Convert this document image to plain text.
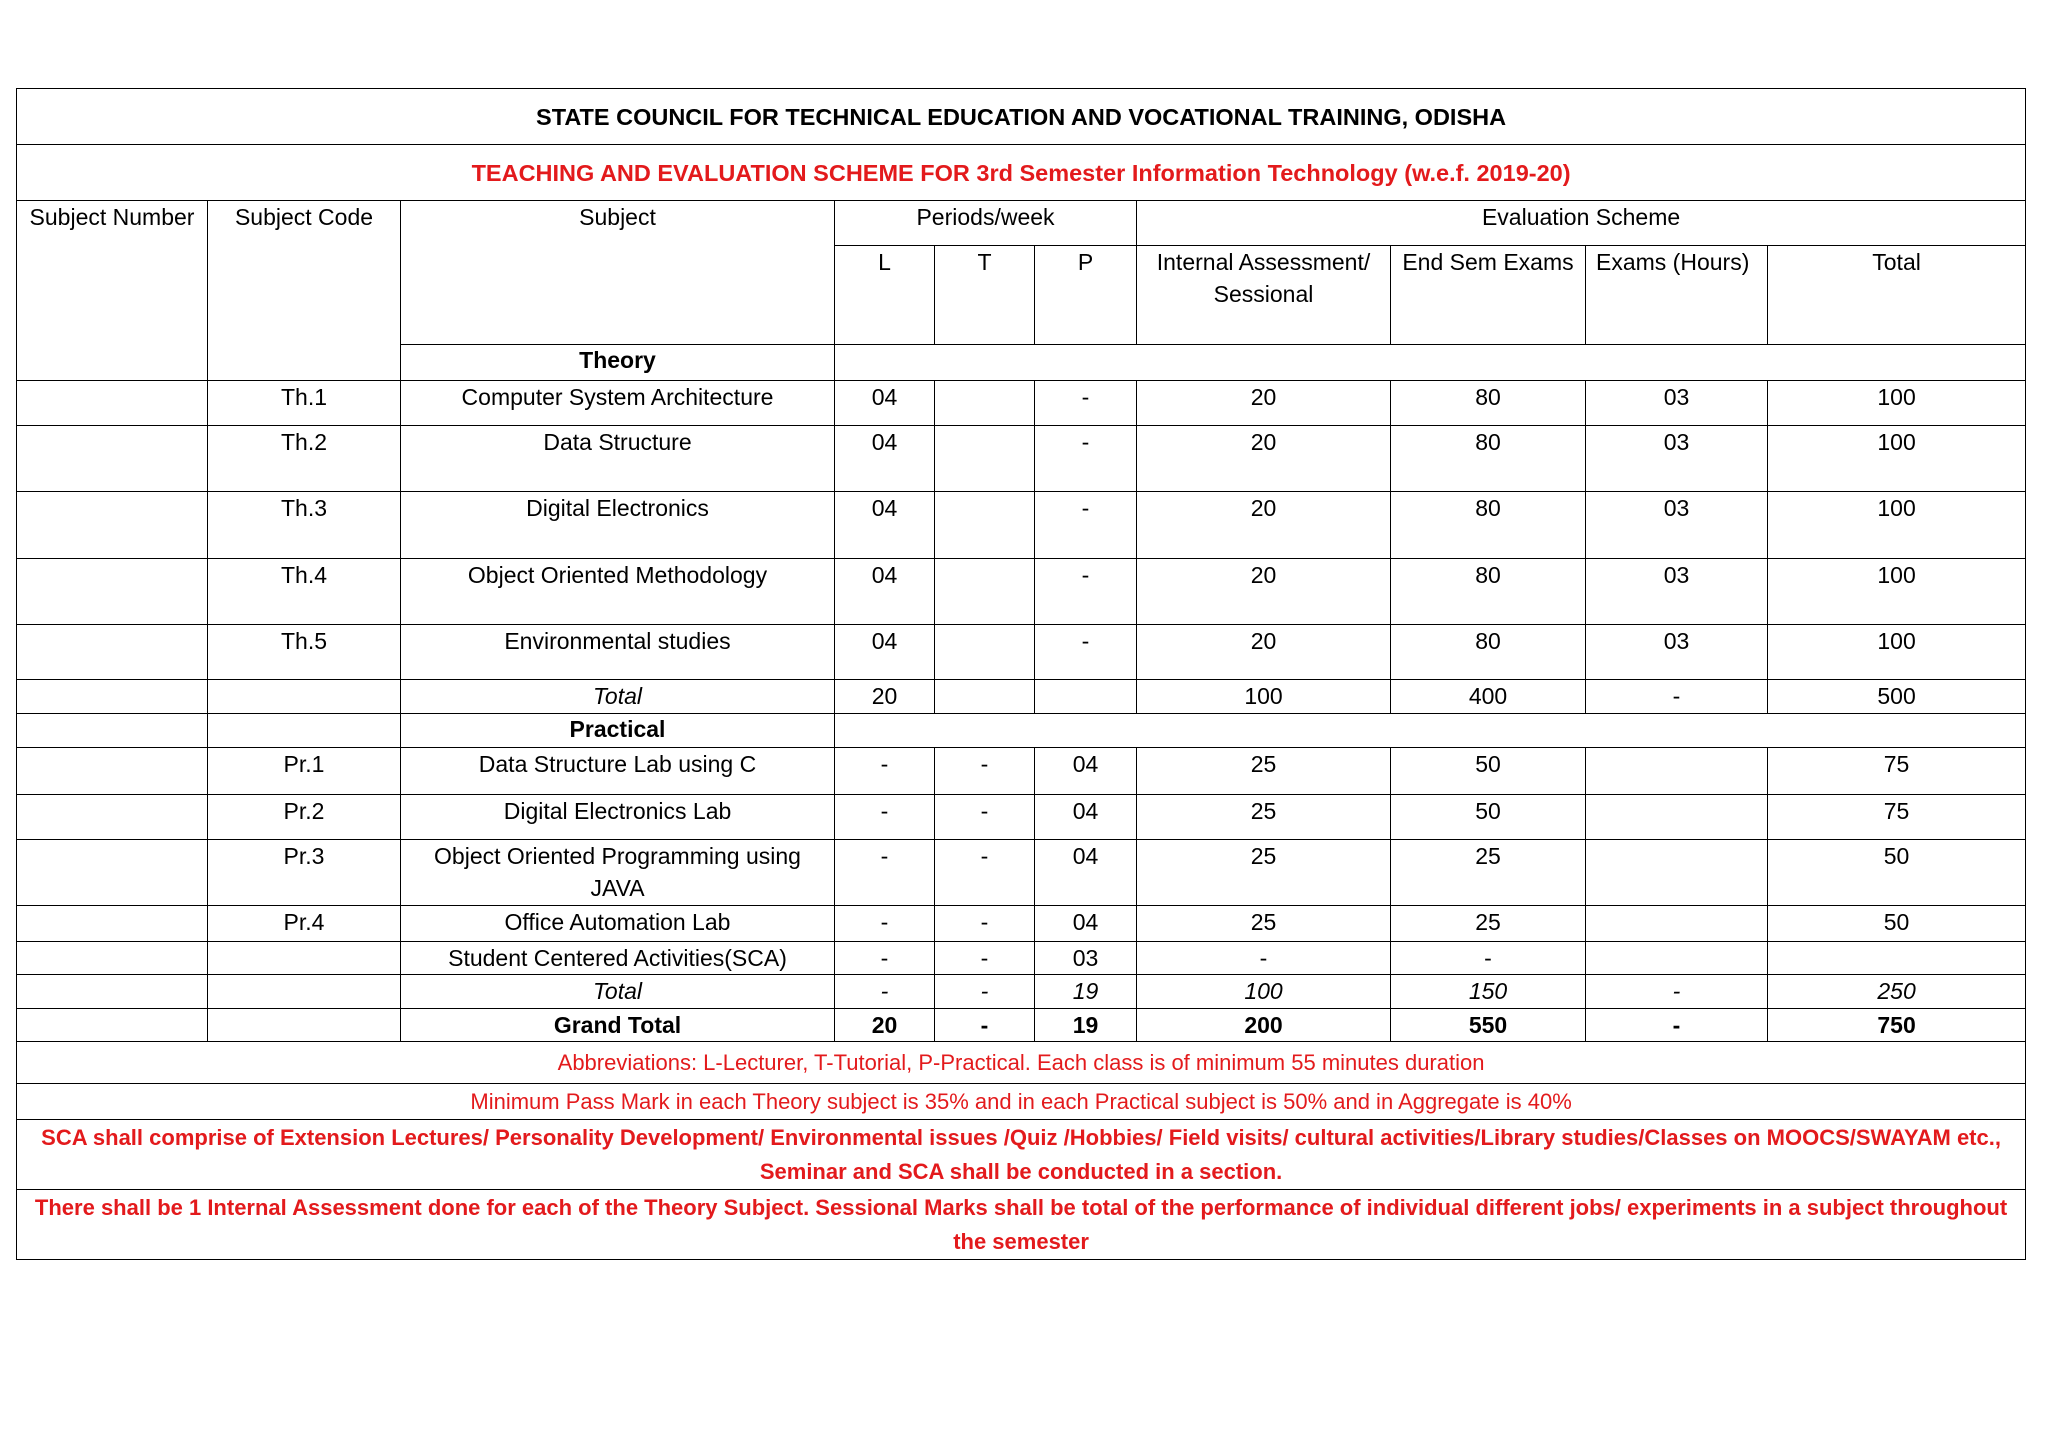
STATE COUNCIL FOR TECHNICAL EDUCATION AND VOCATIONAL TRAINING, ODISHA									
TEACHING AND EVALUATION SCHEME FOR 3rd Semester Information Technology (w.e.f. 2019-20)									
Subject Number	Subject Code	Subject	Periods/week			Evaluation Scheme			
			L	T	P	Internal Assessment/ Sessional	End Sem Exams	Exams (Hours)	Total
		Theory							
	Th.1	Computer System Architecture	04		-	20	80	03	100
	Th.2	Data Structure	04		-	20	80	03	100
	Th.3	Digital Electronics	04		-	20	80	03	100
	Th.4	Object Oriented Methodology	04		-	20	80	03	100
	Th.5	Environmental studies	04		-	20	80	03	100
		Total	20			100	400	-	500
		Practical							
	Pr.1	Data Structure Lab using C	-	-	04	25	50		75
	Pr.2	Digital Electronics Lab	-	-	04	25	50		75
	Pr.3	Object Oriented Programming using JAVA	-	-	04	25	25		50
	Pr.4	Office Automation Lab	-	-	04	25	25		50
		Student Centered Activities(SCA)	-	-	03	-	-		
		Total	-	-	19	100	150	-	250
		Grand Total	20	-	19	200	550	-	750
Abbreviations: L-Lecturer, T-Tutorial, P-Practical. Each class is of minimum 55 minutes duration									
Minimum Pass Mark in each Theory subject is 35% and in each Practical subject is 50% and in Aggregate is 40%									
SCA shall comprise of Extension Lectures/ Personality Development/ Environmental issues /Quiz /Hobbies/ Field visits/ cultural activities/Library studies/Classes on MOOCS/SWAYAM etc., Seminar and SCA shall be conducted in a section.									
There shall be 1 Internal Assessment done for each of the Theory Subject. Sessional Marks shall be total of the performance of individual different jobs/ experiments in a subject throughout the semester									
